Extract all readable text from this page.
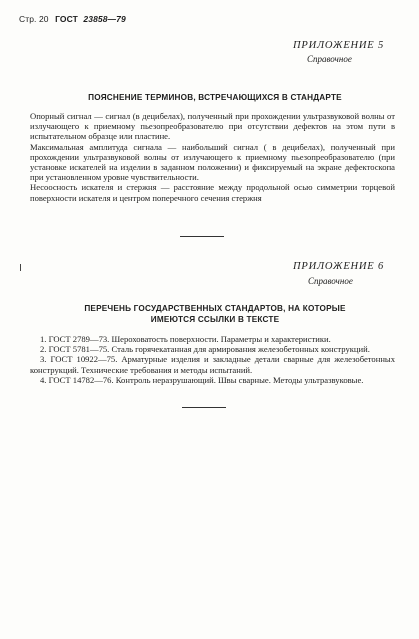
Стр. 20 ГОСТ 23858—79
ПРИЛОЖЕНИЕ 5
Справочное
ПОЯСНЕНИЕ ТЕРМИНОВ, ВСТРЕЧАЮЩИХСЯ В СТАНДАРТЕ

Опорный сигнал — сигнал (в децибелах), полученный при прохождении ультразвуковой волны от излучающего к приемному пьезопреобразователю при отсутствии дефектов на этом пути в испытательном образце или пластине.

Максимальная амплитуда сигнала — наибольший сигнал ( в децибелах), полученный при прохождении ультразвуковой волны от излучающего к приемному пьезопреобразователю (при установке искателей на изделии в заданном положении) и фиксируемый на экране дефектоскопа при установленном уровне чувствительности.

Несоосность искателя и стержня — расстояние между продольной осью симметрии торцевой поверхности искателя и центром поперечного сечения стержня

ПРИЛОЖЕНИЕ 6
Справочное
ПЕРЕЧЕНЬ ГОСУДАРСТВЕННЫХ СТАНДАРТОВ, НА КОТОРЫЕ
ИМЕЮТСЯ ССЫЛКИ В ТЕКСТЕ

1. ГОСТ 2789—73. Шероховатость поверхности. Параметры и характеристики.

2. ГОСТ 5781—75. Сталь горячекатанная для армирования железобетонных конструкций.

3. ГОСТ 10922—75. Арматурные изделия и закладные детали сварные для железобетонных конструкций. Технические требования и методы испытаний.

4. ГОСТ 14782—76. Контроль неразрушающий. Швы сварные. Методы ультразвуковые.
